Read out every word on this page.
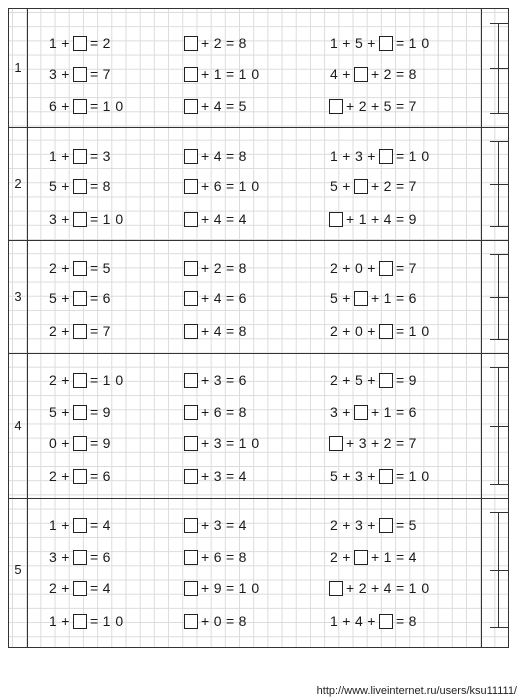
1
1 + = 2	+ 2 = 8	1 + 5 + = 1 0
3 + = 7	+ 1 = 1 0	4 + + 2 = 8
6 + = 1 0	+ 4 = 5	+ 2 + 5 = 7
2
1 + = 3	+ 4 = 8	1 + 3 + = 1 0
5 + = 8	+ 6 = 1 0	5 + + 2 = 7
3 + = 1 0	+ 4 = 4	+ 1 + 4 = 9
3
2 + = 5	+ 2 = 8	2 + 0 + = 7
5 + = 6	+ 4 = 6	5 + + 1 = 6
2 + = 7	+ 4 = 8	2 + 0 + = 1 0
4
2 + = 1 0	+ 3 = 6	2 + 5 + = 9
5 + = 9	+ 6 = 8	3 + + 1 = 6
0 + = 9	+ 3 = 1 0	+ 3 + 2 = 7
2 + = 6	+ 3 = 4	5 + 3 + = 1 0
5
1 + = 4	+ 3 = 4	2 + 3 + = 5
3 + = 6	+ 6 = 8	2 + + 1 = 4
2 + = 4	+ 9 = 1 0	+ 2 + 4 = 1 0
1 + = 1 0	+ 0 = 8	1 + 4 + = 8
http://www.liveinternet.ru/users/ksu11111/
